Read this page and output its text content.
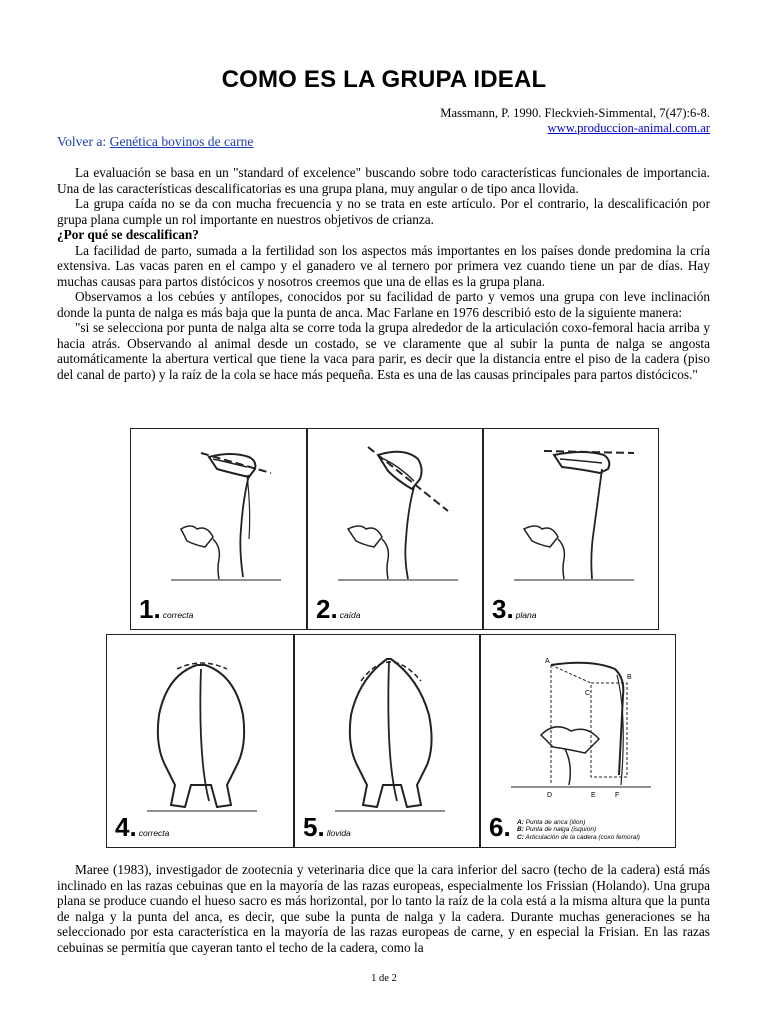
COMO ES LA GRUPA IDEAL
Massmann, P. 1990. Fleckvieh-Simmental, 7(47):6-8.
www.produccion-animal.com.ar
Volver a: Genética bovinos de carne

La evaluación se basa en un "standard of excelence" buscando sobre todo características funcionales de importancia. Una de las características descalificatorias es una grupa plana, muy angular o de tipo anca llovida.

La grupa caída no se da con mucha frecuencia y no se trata en este artículo. Por el contrario, la descalificación por grupa plana cumple un rol importante en nuestros objetivos de crianza.

¿Por qué se descalifican?

La facilidad de parto, sumada a la fertilidad son los aspectos más importantes en los países donde predomina la cría extensiva. Las vacas paren en el campo y el ganadero ve al ternero por primera vez cuando tiene un par de días. Hay muchas causas para partos distócicos y nosotros creemos que una de ellas es la grupa plana.

Observamos a los cebúes y antílopes, conocidos por su facilidad de parto y vemos una grupa con leve inclinación donde la punta de nalga es más baja que la punta de anca. Mac Farlane en 1976 describió esto de la siguiente manera:

"si se selecciona por punta de nalga alta se corre toda la grupa alrededor de la articulación coxo-femoral hacia arriba y hacia atrás. Observando al animal desde un costado, se ve claramente que al subir la punta de nalga se angosta automáticamente la abertura vertical que tiene la vaca para parir, es decir que la distancia entre el piso de la cadera (piso del canal de parto) y la raíz de la cola se hace más pequeña. Esta es una de las causas principales para partos distócicos."

1. correcta	2. caída	3. plana
4. correcta	5. llovida
A
B
C
D	E	F
6. A: Punta de anca (ilion)
B: Punta de nalga (isquion)
C: Articulación de la cadera (coxo femoral)

Maree (1983), investigador de zootecnia y veterinaria dice que la cara inferior del sacro (techo de la cadera) está más inclinado en las razas cebuinas que en la mayoría de las razas europeas, especialmente los Frissian (Holando). Una grupa plana se produce cuando el hueso sacro es más horizontal, por lo tanto la raíz de la cola está a la misma altura que la punta de nalga y la punta del anca, es decir, que sube la punta de nalga y la cadera. Durante muchas generaciones se ha seleccionado por esta característica en la mayoría de las razas europeas de carne, y en especial la Frisian. En las razas cebuinas se permitía que cayeran tanto el techo de la cadera, como la

1 de 2
